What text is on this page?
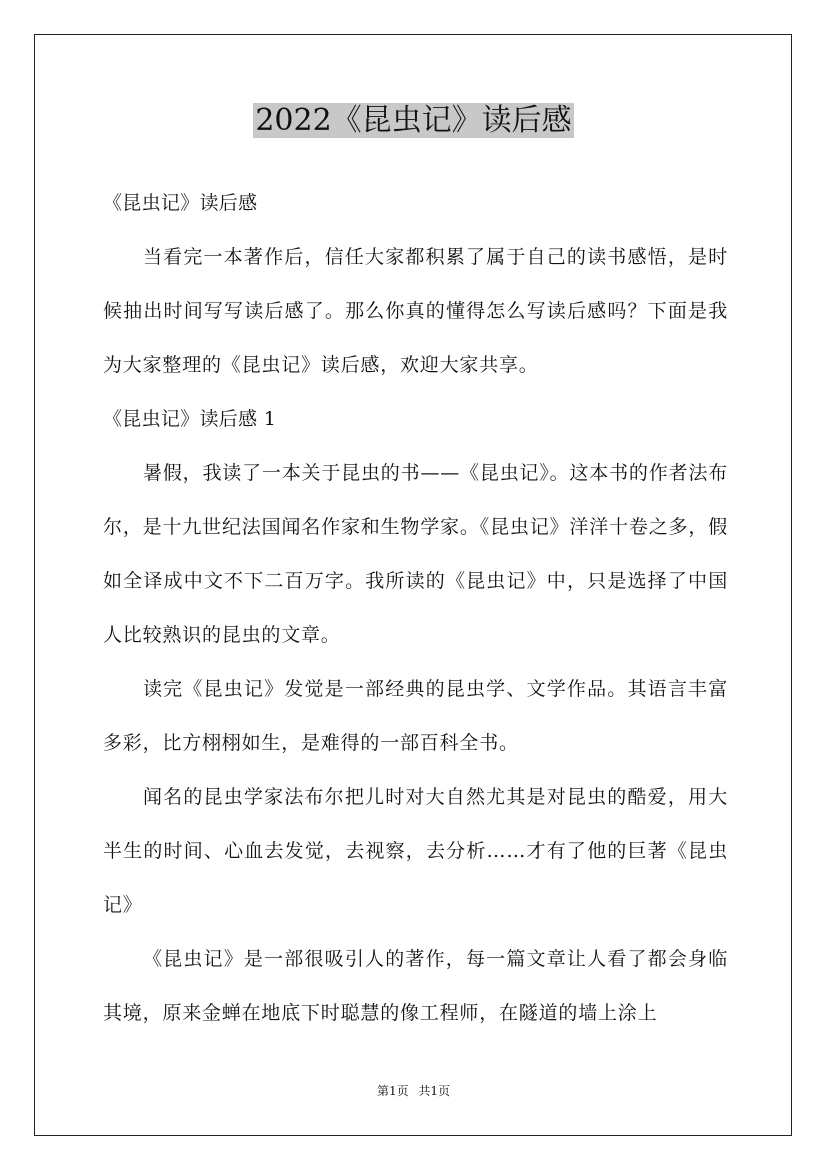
2022《昆虫记》读后感

《昆虫记》读后感

当看完一本著作后，信任大家都积累了属于自己的读书感悟，是时候抽出时间写写读后感了。那么你真的懂得怎么写读后感吗？下面是我为大家整理的《昆虫记》读后感，欢迎大家共享。

《昆虫记》读后感 1

暑假，我读了一本关于昆虫的书——《昆虫记》。这本书的作者法布尔，是十九世纪法国闻名作家和生物学家。《昆虫记》洋洋十卷之多，假如全译成中文不下二百万字。我所读的《昆虫记》中，只是选择了中国人比较熟识的昆虫的文章。

读完《昆虫记》发觉是一部经典的昆虫学、文学作品。其语言丰富多彩，比方栩栩如生，是难得的一部百科全书。

闻名的昆虫学家法布尔把儿时对大自然尤其是对昆虫的酷爱，用大半生的时间、心血去发觉，去视察，去分析……才有了他的巨著《昆虫记》

《昆虫记》是一部很吸引人的著作，每一篇文章让人看了都会身临其境，原来金蝉在地底下时聪慧的像工程师，在隧道的墙上涂上

第1页 共1页
